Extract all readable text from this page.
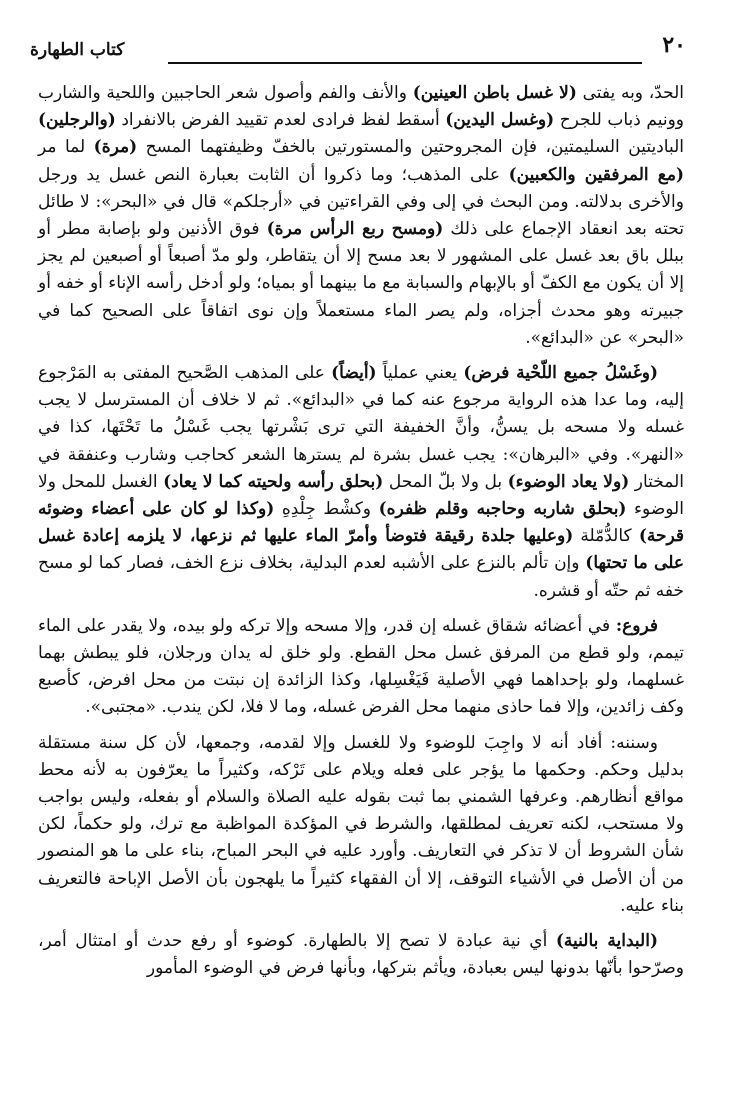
٢٠
كتاب الطهارة

الحدّ، وبه يفتى (لا غسل باطن العينين) والأنف والفم وأصول شعر الحاجبين واللحية والشارب وونيم ذباب للجرح (وغسل اليدين) أسقط لفظ فرادى لعدم تقييد الفرض بالانفراد (والرجلين) الباديتين السليمتين، فإن المجروحتين والمستورتين بالخفّ وظيفتهما المسح (مرة) لما مر (مع المرفقين والكعبين) على المذهب؛ وما ذكروا أن الثابت بعبارة النص غسل يد ورجل والأخرى بدلالته. ومن البحث في إلى وفي القراءتين في «أرجلكم» قال في «البحر»: لا طائل تحته بعد انعقاد الإجماع على ذلك (ومسح ربع الرأس مرة) فوق الأذنين ولو بإصابة مطر أو ببلل باق بعد غسل على المشهور لا بعد مسح إلا أن يتقاطر، ولو مدّ أصبعاً أو أصبعين لم يجز إلا أن يكون مع الكفّ أو بالإبهام والسبابة مع ما بينهما أو بمياه؛ ولو أدخل رأسه الإناء أو خفه أو جبيرته وهو محدث أجزاه، ولم يصر الماء مستعملاً وإن نوى اتفاقاً على الصحيح كما في «البحر» عن «البدائع».

(وغَسْلُ جميع اللّحْية فرض) يعني عملياً (أيضاً) على المذهب الصَّحيح المفتى به المَرْجوع إليه، وما عدا هذه الرواية مرجوع عنه كما في «البدائع». ثم لا خلاف أن المسترسل لا يجب غسله ولا مسحه بل يسنُّ، وأنَّ الخفيفة التي ترى بَشْرتها يجب غَسْلُ ما تَحْتَها، كذا في «النهر». وفي «البرهان»: يجب غسل بشرة لم يسترها الشعر كحاجب وشارب وعنفقة في المختار (ولا يعاد الوضوء) بل ولا بلّ المحل (بحلق رأسه ولحيته كما لا يعاد) الغسل للمحل ولا الوضوء (بحلق شاربه وحاجبه وقلم ظفره) وكشْط جِلْدِهِ (وكذا لو كان على أعضاء وضوئه قرحة) كالدُّمّلة (وعليها جلدة رقيقة فتوضأ وأمرّ الماء عليها ثم نزعها، لا يلزمه إعادة غسل على ما تحتها) وإن تألم بالنزع على الأشبه لعدم البدلية، بخلاف نزع الخف، فصار كما لو مسح خفه ثم حتّه أو قشره.

فروع: في أعضائه شقاق غسله إن قدر، وإلا مسحه وإلا تركه ولو بيده، ولا يقدر على الماء تيمم، ولو قطع من المرفق غسل محل القطع. ولو خلق له يدان ورجلان، فلو يبطش بهما غسلهما، ولو بإحداهما فهي الأصلية فَيَغْسِلها، وكذا الزائدة إن نبتت من محل افرض، كأصبع وكف زائدين، وإلا فما حاذى منهما محل الفرض غسله، وما لا فلا، لكن يندب. «مجتبى».

وسننه: أفاد أنه لا واجِبَ للوضوء ولا للغسل وإلا لقدمه، وجمعها، لأن كل سنة مستقلة بدليل وحكم. وحكمها ما يؤجر على فعله ويلام على تَرْكه، وكثيراً ما يعرّفون به لأنه محط مواقع أنظارهم. وعرفها الشمني بما ثبت بقوله عليه الصلاة والسلام أو بفعله، وليس بواجب ولا مستحب، لكنه تعريف لمطلقها، والشرط في المؤكدة المواظبة مع ترك، ولو حكماً، لكن شأن الشروط أن لا تذكر في التعاريف. وأورد عليه في البحر المباح، بناء على ما هو المنصور من أن الأصل في الأشياء التوقف، إلا أن الفقهاء كثيراً ما يلهجون بأن الأصل الإباحة فالتعريف بناء عليه.

(البداية بالنية) أي نية عبادة لا تصح إلا بالطهارة. كوضوء أو رفع حدث أو امتثال أمر، وصرّحوا بأنّها بدونها ليس بعبادة، ويأثم بتركها، وبأنها فرض في الوضوء المأمور
